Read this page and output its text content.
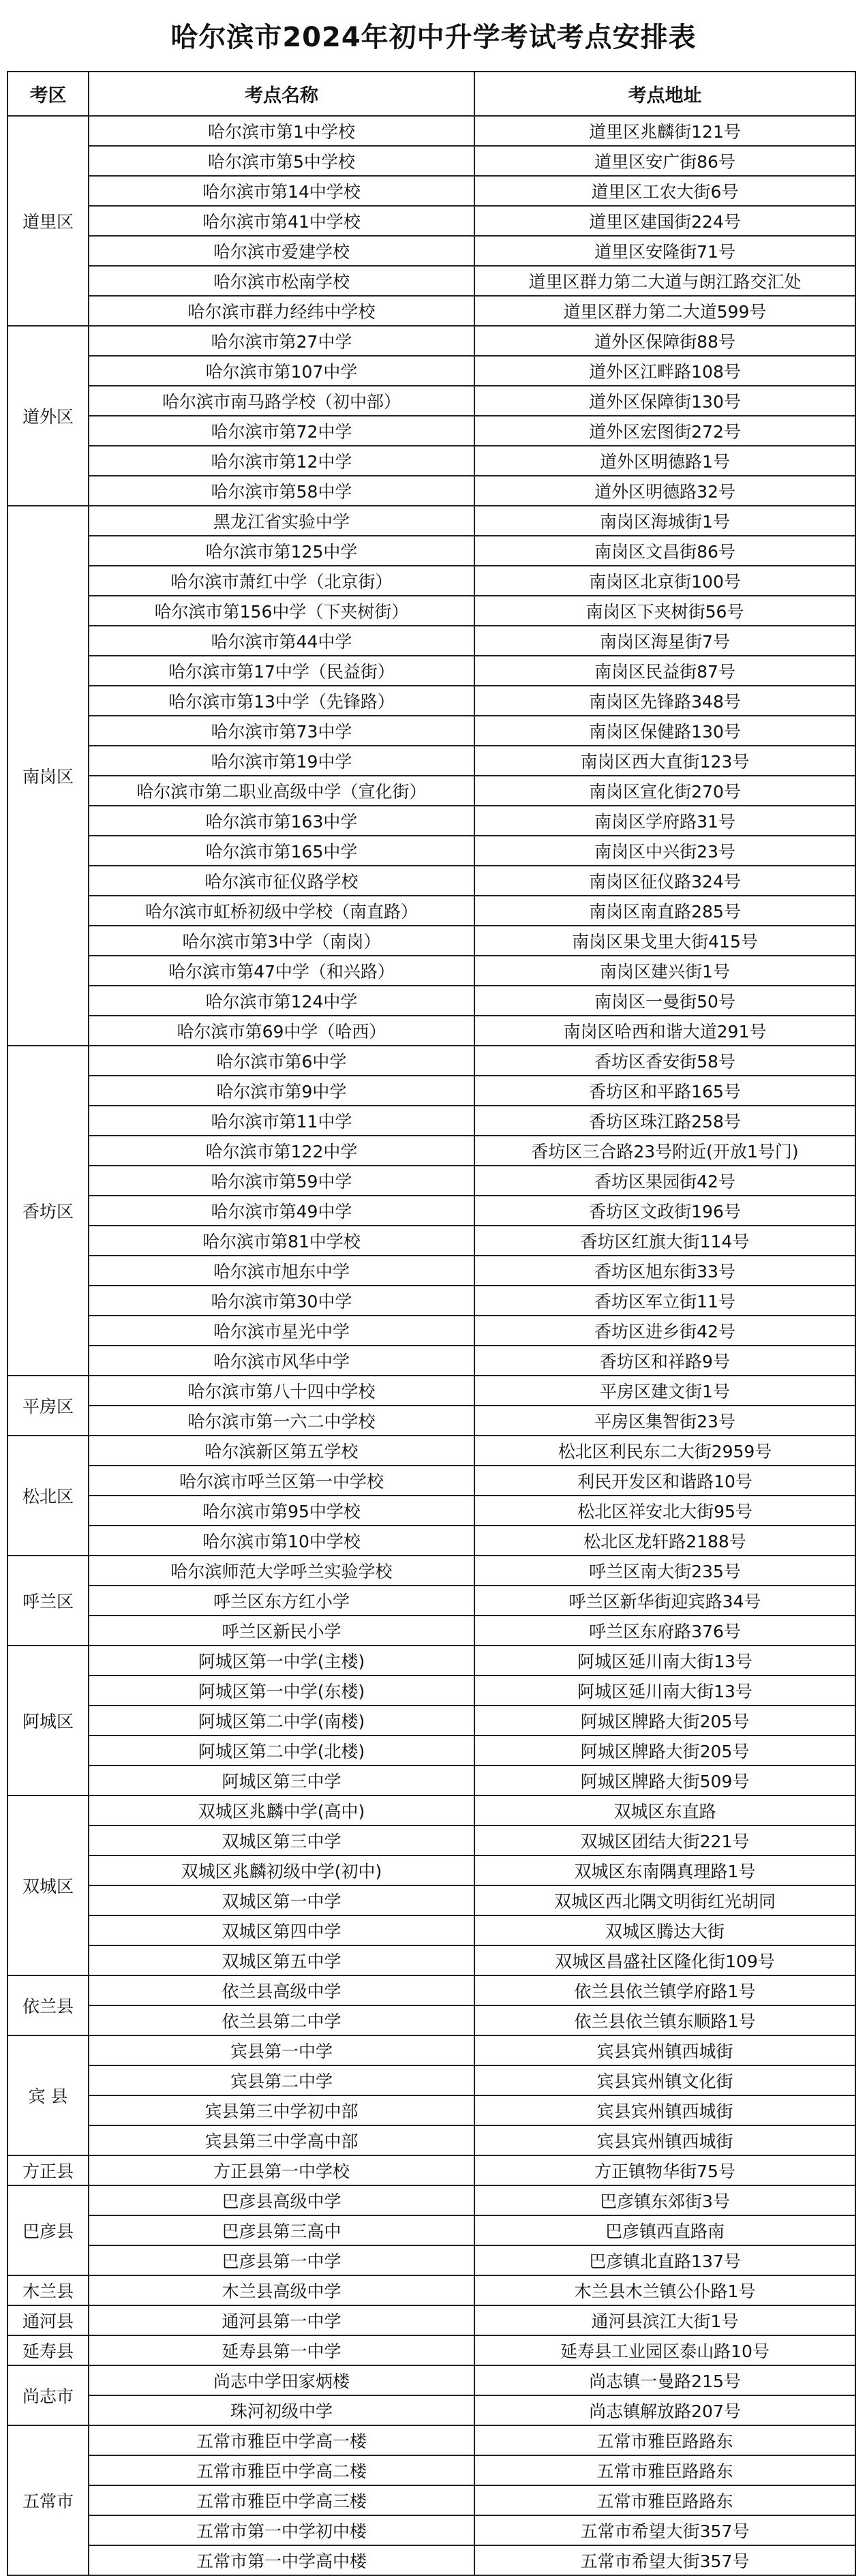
哈尔滨市2024年初中升学考试考点安排表
考区	考点名称	考点地址
道里区	哈尔滨市第1中学校	道里区兆麟街121号
	哈尔滨市第5中学校	道里区安广街86号
	哈尔滨市第14中学校	道里区工农大街6号
	哈尔滨市第41中学校	道里区建国街224号
	哈尔滨市爱建学校	道里区安隆街71号
	哈尔滨市松南学校	道里区群力第二大道与朗江路交汇处
	哈尔滨市群力经纬中学校	道里区群力第二大道599号
道外区	哈尔滨市第27中学	道外区保障街88号
	哈尔滨市第107中学	道外区江畔路108号
	哈尔滨市南马路学校（初中部）	道外区保障街130号
	哈尔滨市第72中学	道外区宏图街272号
	哈尔滨市第12中学	道外区明德路1号
	哈尔滨市第58中学	道外区明德路32号
南岗区	黑龙江省实验中学	南岗区海城街1号
	哈尔滨市第125中学	南岗区文昌街86号
	哈尔滨市萧红中学（北京街）	南岗区北京街100号
	哈尔滨市第156中学（下夹树街）	南岗区下夹树街56号
	哈尔滨市第44中学	南岗区海星街7号
	哈尔滨市第17中学（民益街）	南岗区民益街87号
	哈尔滨市第13中学（先锋路）	南岗区先锋路348号
	哈尔滨市第73中学	南岗区保健路130号
	哈尔滨市第19中学	南岗区西大直街123号
	哈尔滨市第二职业高级中学（宣化街）	南岗区宣化街270号
	哈尔滨市第163中学	南岗区学府路31号
	哈尔滨市第165中学	南岗区中兴街23号
	哈尔滨市征仪路学校	南岗区征仪路324号
	哈尔滨市虹桥初级中学校（南直路）	南岗区南直路285号
	哈尔滨市第3中学（南岗）	南岗区果戈里大街415号
	哈尔滨市第47中学（和兴路）	南岗区建兴街1号
	哈尔滨市第124中学	南岗区一曼街50号
	哈尔滨市第69中学（哈西）	南岗区哈西和谐大道291号
香坊区	哈尔滨市第6中学	香坊区香安街58号
	哈尔滨市第9中学	香坊区和平路165号
	哈尔滨市第11中学	香坊区珠江路258号
	哈尔滨市第122中学	香坊区三合路23号附近(开放1号门)
	哈尔滨市第59中学	香坊区果园街42号
	哈尔滨市第49中学	香坊区文政街196号
	哈尔滨市第81中学校	香坊区红旗大街114号
	哈尔滨市旭东中学	香坊区旭东街33号
	哈尔滨市第30中学	香坊区军立街11号
	哈尔滨市星光中学	香坊区进乡街42号
	哈尔滨市风华中学	香坊区和祥路9号
平房区	哈尔滨市第八十四中学校	平房区建文街1号
	哈尔滨市第一六二中学校	平房区集智街23号
松北区	哈尔滨新区第五学校	松北区利民东二大街2959号
	哈尔滨市呼兰区第一中学校	利民开发区和谐路10号
	哈尔滨市第95中学校	松北区祥安北大街95号
	哈尔滨市第10中学校	松北区龙轩路2188号
呼兰区	哈尔滨师范大学呼兰实验学校	呼兰区南大街235号
	呼兰区东方红小学	呼兰区新华街迎宾路34号
	呼兰区新民小学	呼兰区东府路376号
阿城区	阿城区第一中学(主楼)	阿城区延川南大街13号
	阿城区第一中学(东楼)	阿城区延川南大街13号
	阿城区第二中学(南楼)	阿城区牌路大街205号
	阿城区第二中学(北楼)	阿城区牌路大街205号
	阿城区第三中学	阿城区牌路大街509号
双城区	双城区兆麟中学(高中)	双城区东直路
	双城区第三中学	双城区团结大街221号
	双城区兆麟初级中学(初中)	双城区东南隅真理路1号
	双城区第一中学	双城区西北隅文明街红光胡同
	双城区第四中学	双城区腾达大街
	双城区第五中学	双城区昌盛社区隆化街109号
依兰县	依兰县高级中学	依兰县依兰镇学府路1号
	依兰县第二中学	依兰县依兰镇东顺路1号
宾 县	宾县第一中学	宾县宾州镇西城街
	宾县第二中学	宾县宾州镇文化街
	宾县第三中学初中部	宾县宾州镇西城街
	宾县第三中学高中部	宾县宾州镇西城街
方正县	方正县第一中学校	方正镇物华街75号
巴彦县	巴彦县高级中学	巴彦镇东郊街3号
	巴彦县第三高中	巴彦镇西直路南
	巴彦县第一中学	巴彦镇北直路137号
木兰县	木兰县高级中学	木兰县木兰镇公仆路1号
通河县	通河县第一中学	通河县滨江大街1号
延寿县	延寿县第一中学	延寿县工业园区泰山路10号
尚志市	尚志中学田家炳楼	尚志镇一曼路215号
	珠河初级中学	尚志镇解放路207号
五常市	五常市雅臣中学高一楼	五常市雅臣路路东
	五常市雅臣中学高二楼	五常市雅臣路路东
	五常市雅臣中学高三楼	五常市雅臣路路东
	五常市第一中学初中楼	五常市希望大街357号
	五常市第一中学高中楼	五常市希望大街357号
